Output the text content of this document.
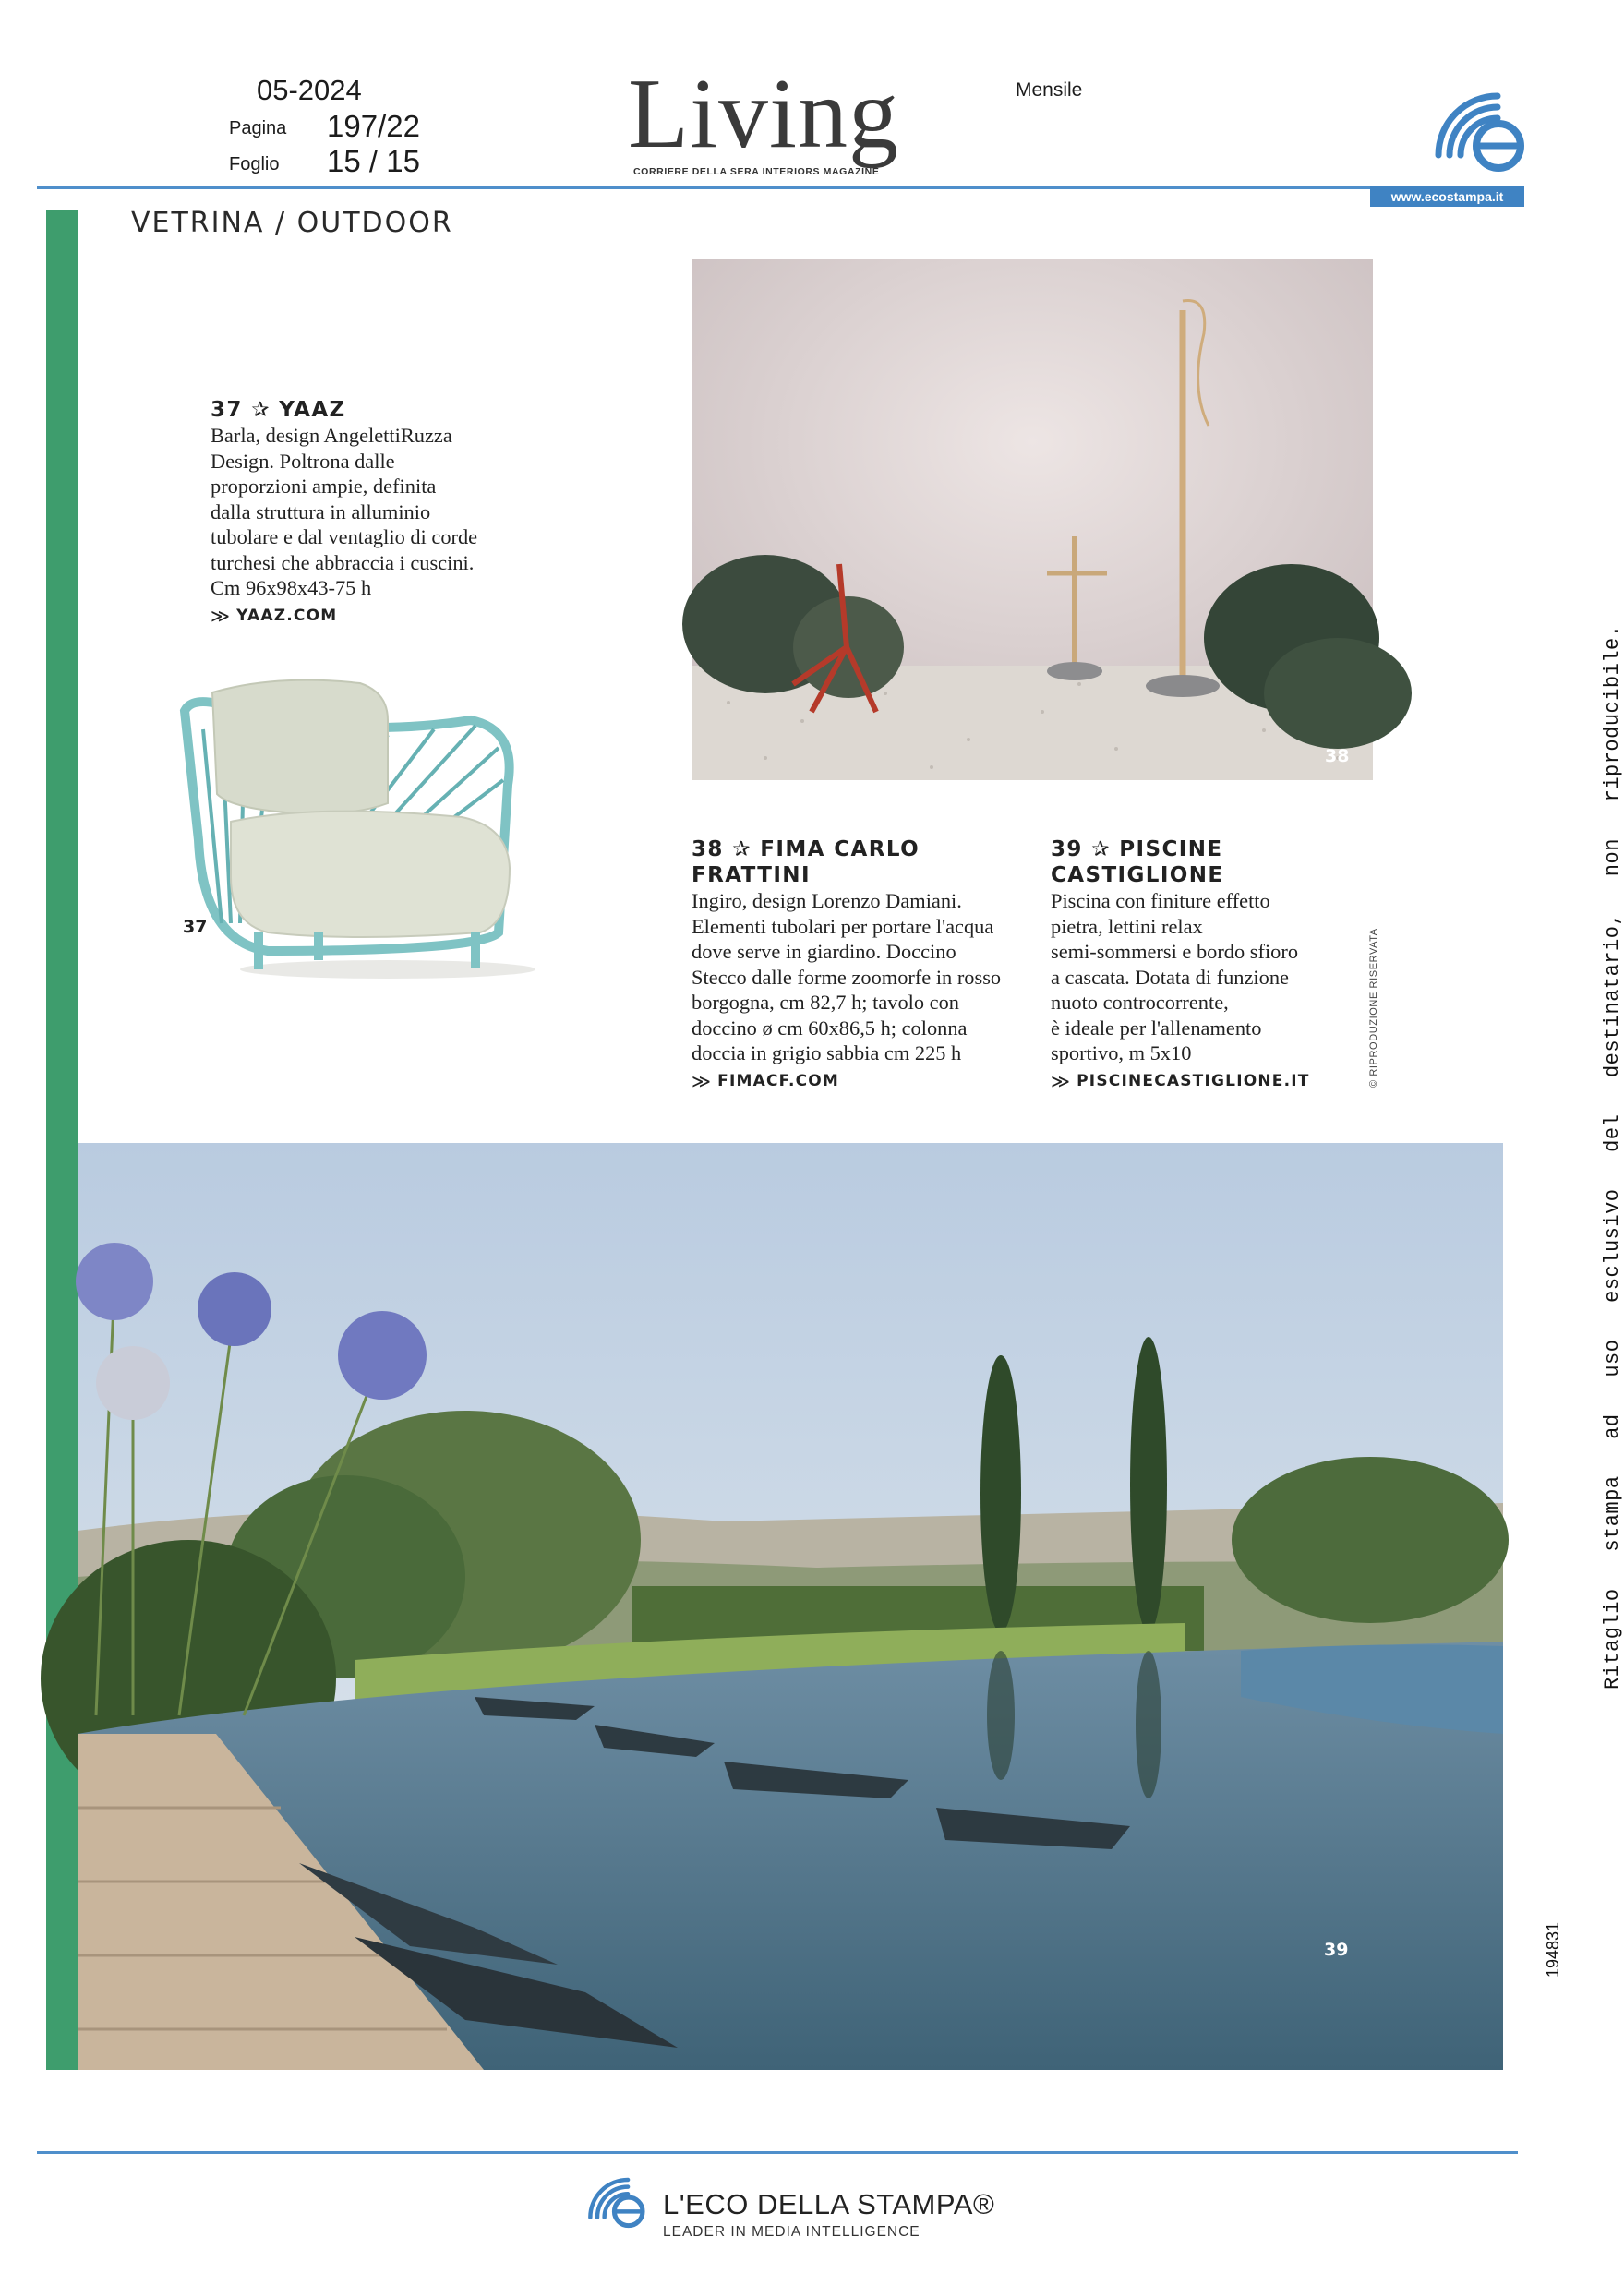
05-2024
Pagina 197/22
Foglio 15 / 15 Living
CORRIERE DELLA SERA INTERIORS MAGAZINE
Mensile
www.ecostampa.it
VETRINA / OUTDOOR
37 ✰ YAAZ
Barla, design AngelettiRuzza
Design. Poltrona dalle
proporzioni ampie, definita
dalla struttura in alluminio
tubolare e dal ventaglio di corde
turchesi che abbraccia i cuscini.
Cm 96x98x43-75 h
≫ YAAZ.COM
37
38
38 ✰ FIMA CARLO
FRATTINI
Ingiro, design Lorenzo Damiani.
Elementi tubolari per portare l'acqua
dove serve in giardino. Doccino
Stecco dalle forme zoomorfe in rosso
borgogna, cm 82,7 h; tavolo con
doccino ø cm 60x86,5 h; colonna
doccia in grigio sabbia cm 225 h
≫ FIMACF.COM
39 ✰ PISCINE
CASTIGLIONE
Piscina con finiture effetto
pietra, lettini relax
semi-sommersi e bordo sfioro
a cascata. Dotata di funzione
nuoto controcorrente,
è ideale per l'allenamento
sportivo, m 5x10
≫ PISCINECASTIGLIONE.IT	© RIPRODUZIONE RISERVATA
39
Ritaglio stampa ad uso esclusivo del destinatario, non riproducibile.
194831
L'ECO DELLA STAMPA®
LEADER IN MEDIA INTELLIGENCE
